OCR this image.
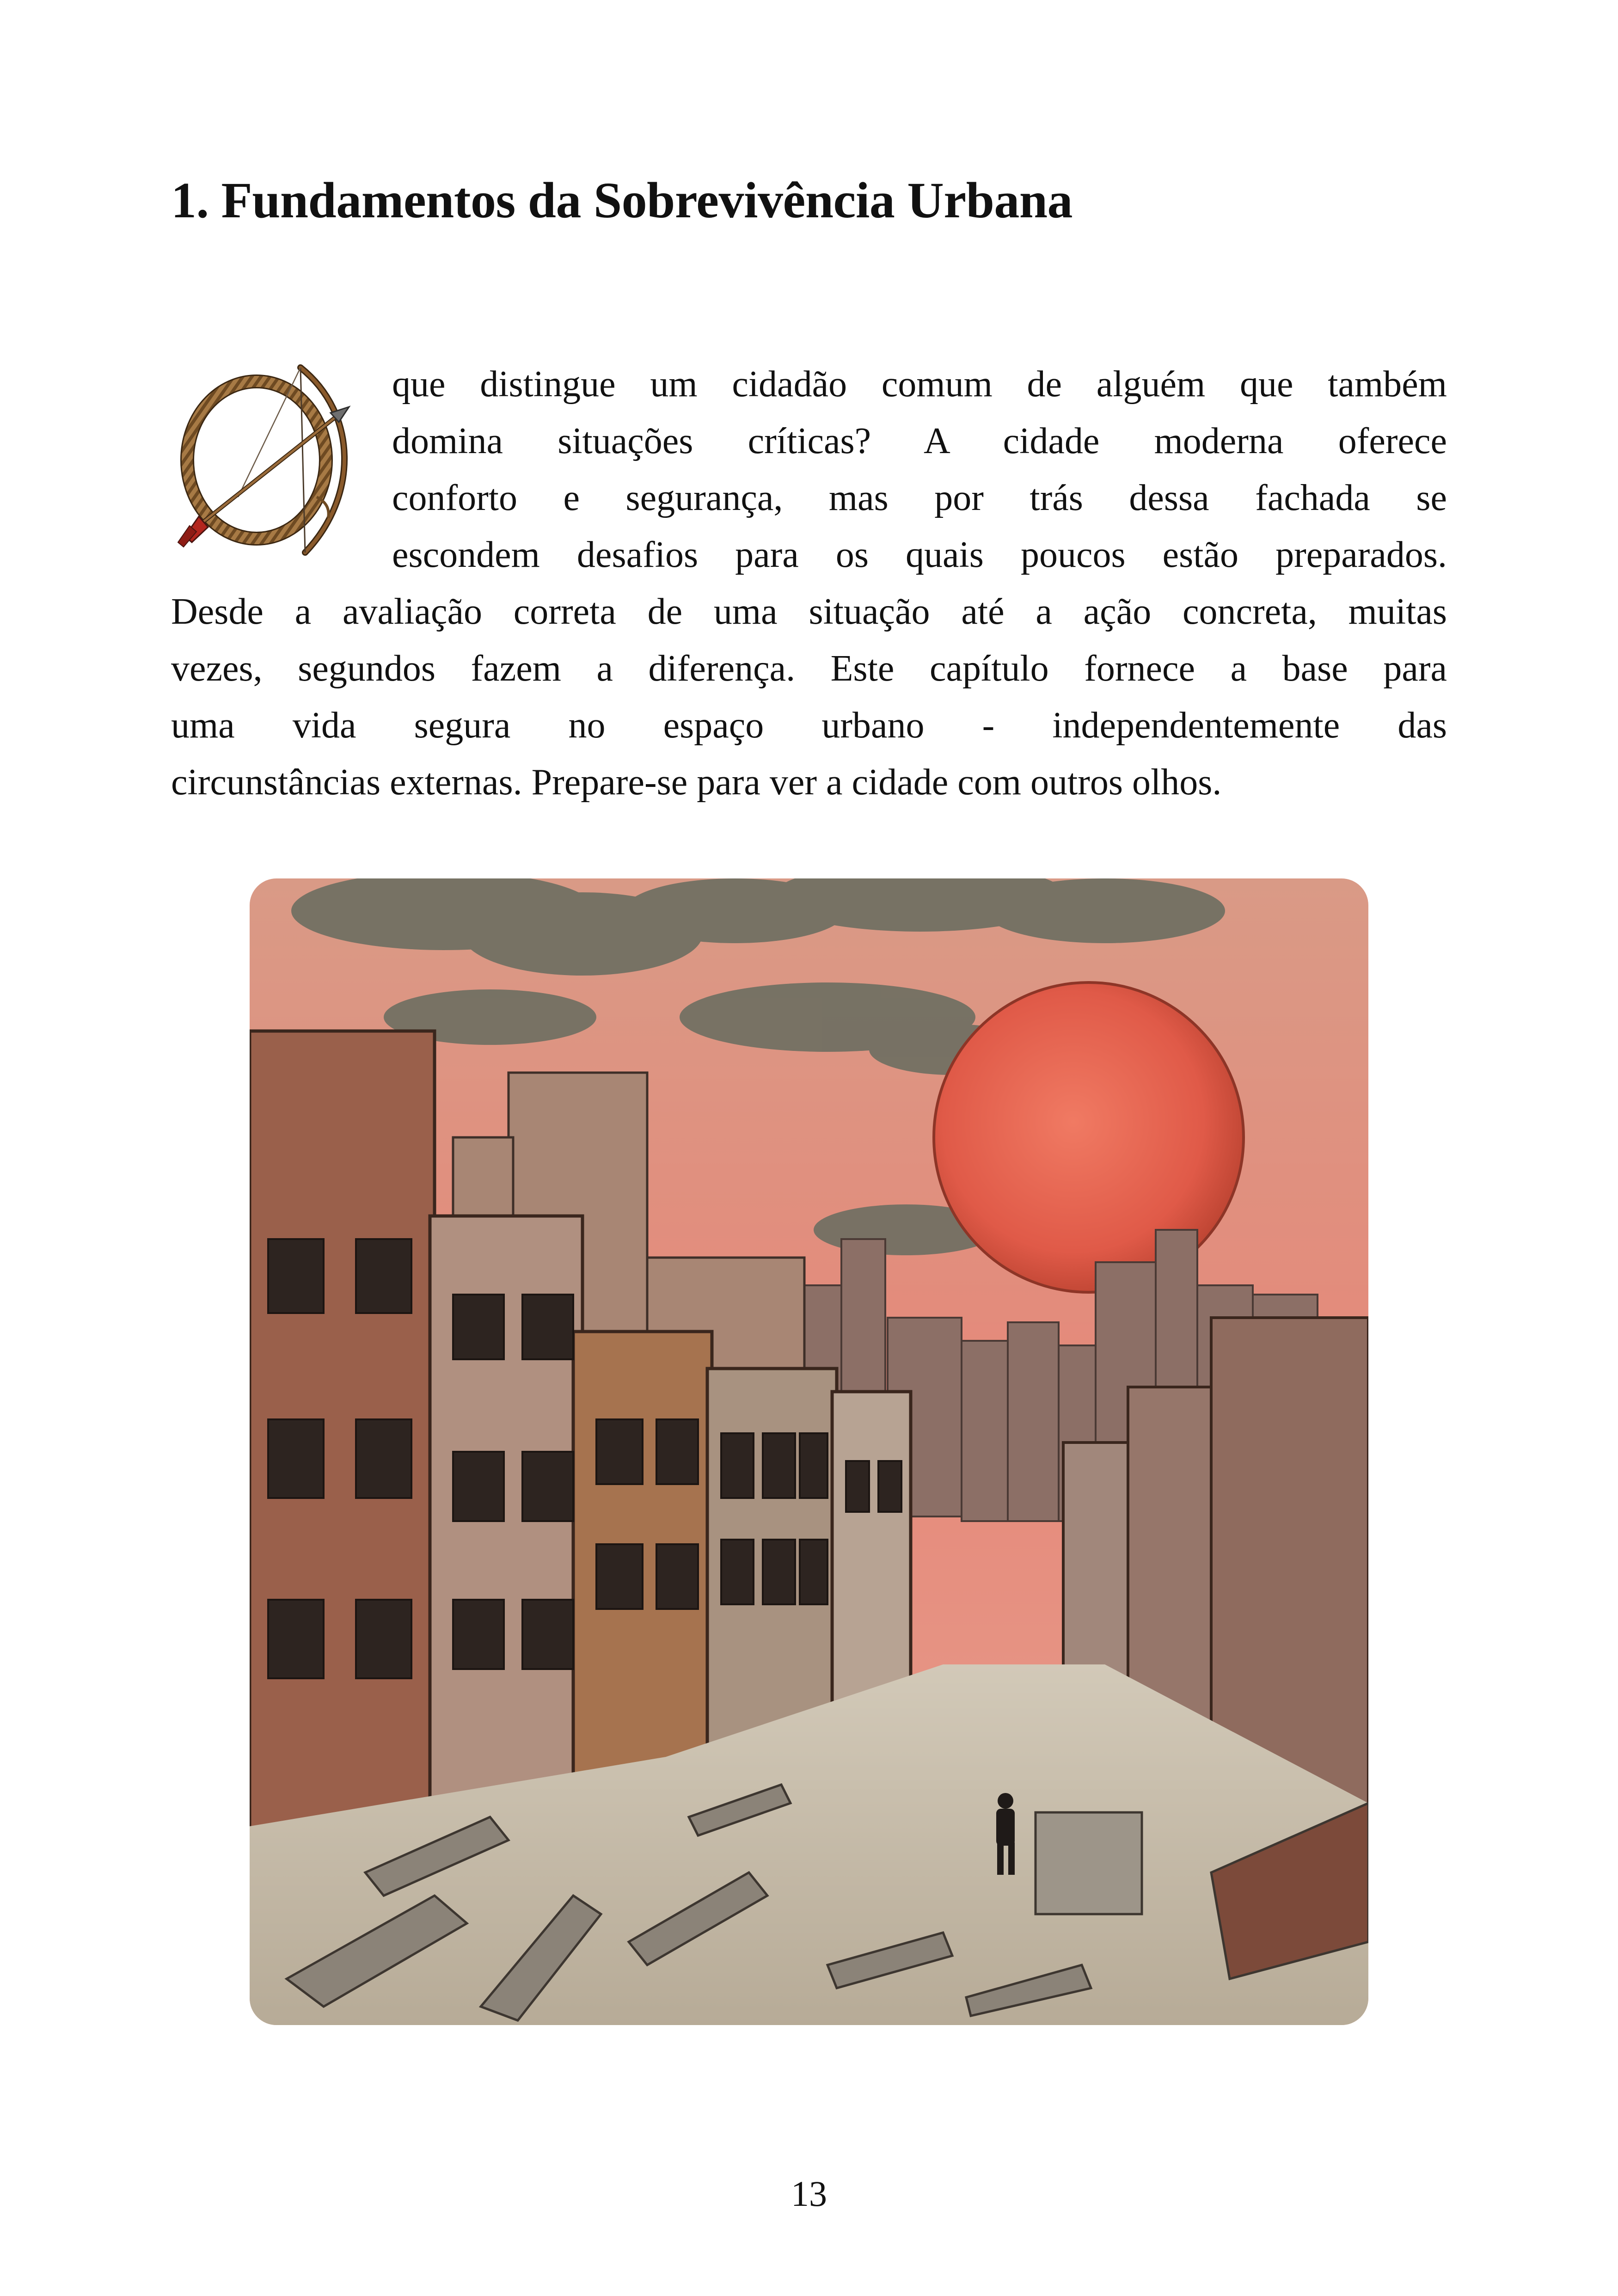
1. Fundamentos da Sobrevivência Urbana
que distingue um cidadão comum de alguém que também
domina situações críticas? A cidade moderna oferece
conforto e segurança, mas por trás dessa fachada se
escondem desafios para os quais poucos estão preparados.
Desde a avaliação correta de uma situação até a ação concreta, muitas
vezes, segundos fazem a diferença. Este capítulo fornece a base para
uma vida segura no espaço urbano - independentemente das
circunstâncias externas. Prepare-se para ver a cidade com outros olhos.
13
